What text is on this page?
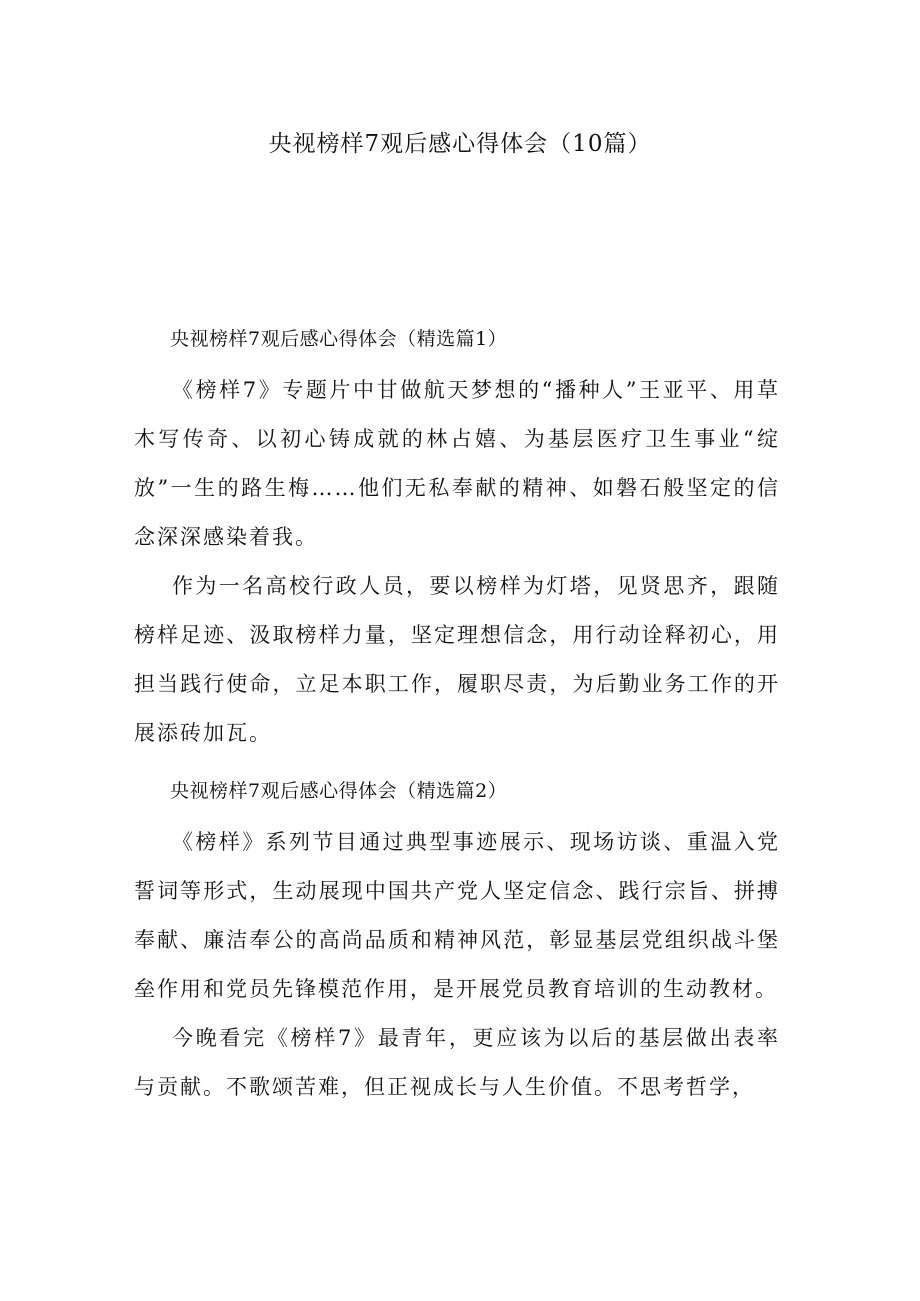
央视榜样7观后感心得体会（10篇）
央视榜样7观后感心得体会（精选篇1）

《榜样7》专题片中甘做航天梦想的“播种人”王亚平、用草木写传奇、以初心铸成就的林占嬉、为基层医疗卫生事业“绽放”一生的路生梅……他们无私奉献的精神、如磐石般坚定的信念深深感染着我。

作为一名高校行政人员，要以榜样为灯塔，见贤思齐，跟随榜样足迹、汲取榜样力量，坚定理想信念，用行动诠释初心，用担当践行使命，立足本职工作，履职尽责，为后勤业务工作的开展添砖加瓦。

央视榜样7观后感心得体会（精选篇2）

《榜样》系列节目通过典型事迹展示、现场访谈、重温入党誓词等形式，生动展现中国共产党人坚定信念、践行宗旨、拼搏奉献、廉洁奉公的高尚品质和精神风范，彰显基层党组织战斗堡垒作用和党员先锋模范作用，是开展党员教育培训的生动教材。

今晚看完《榜样7》最青年，更应该为以后的基层做出表率与贡献。不歌颂苦难，但正视成长与人生价值。不思考哲学，
